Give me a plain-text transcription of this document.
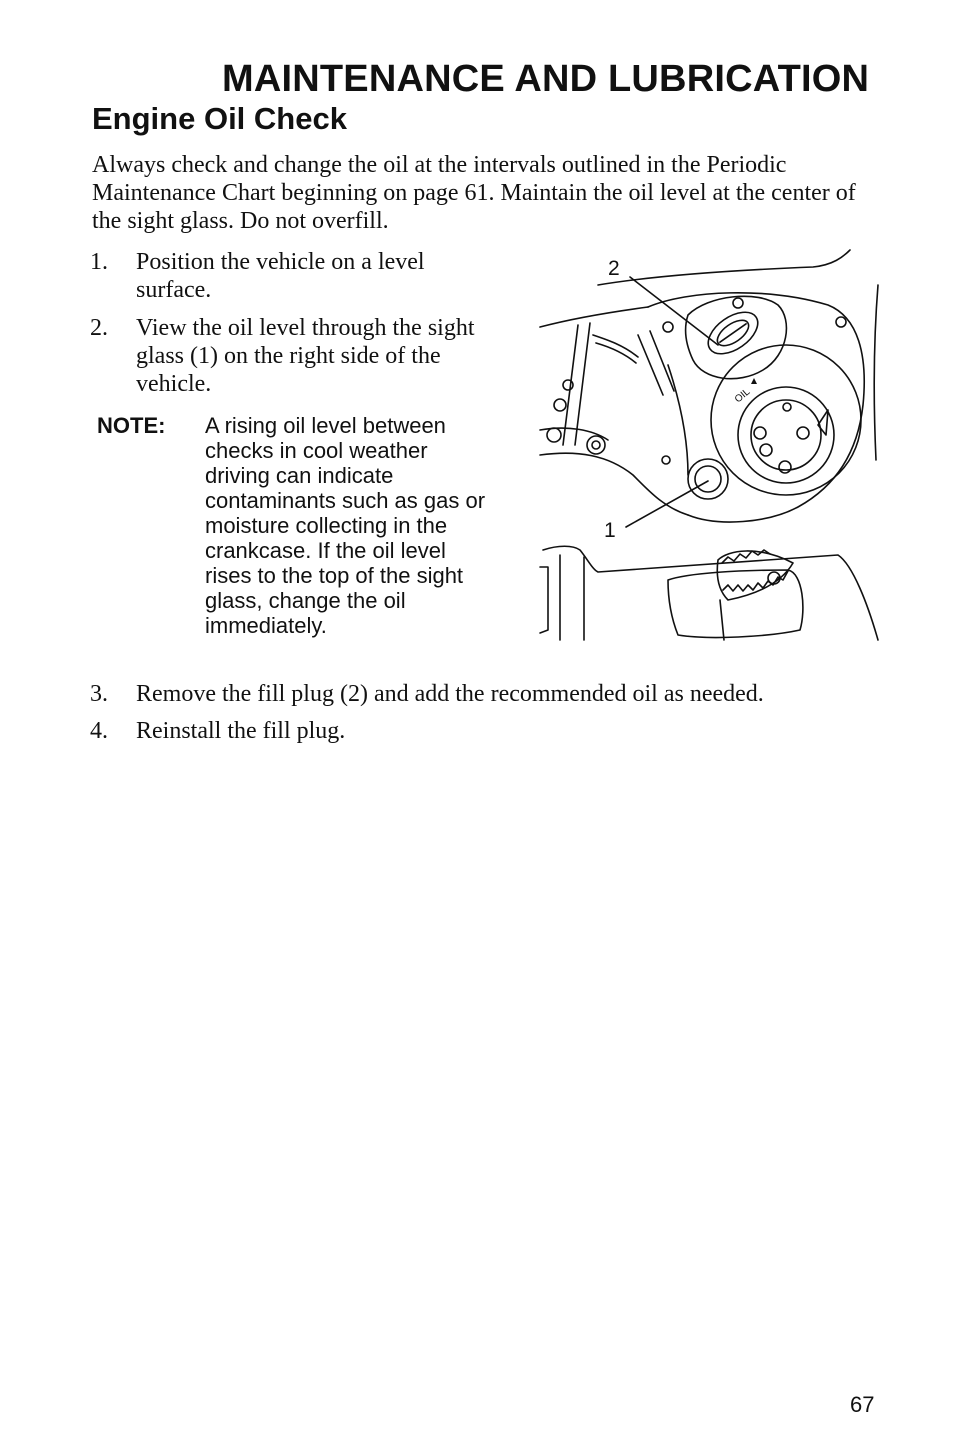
MAINTENANCE AND LUBRICATION
Engine Oil Check

Always check and change the oil at the intervals outlined in the Periodic Maintenance Chart beginning on page 61. Maintain the oil level at the center of the sight glass. Do not overfill.

1. Position the vehicle on a level surface.
2. View the oil level through the sight glass (1) on the right side of the vehicle.
NOTE: A rising oil level between checks in cool weather driving can indicate contaminants such as gas or moisture collecting in the crankcase. If the oil level rises to the top of the sight glass, change the oil immediately.
OIL
2
1
3. Remove the fill plug (2) and add the recommended oil as needed.
4. Reinstall the fill plug.
67
